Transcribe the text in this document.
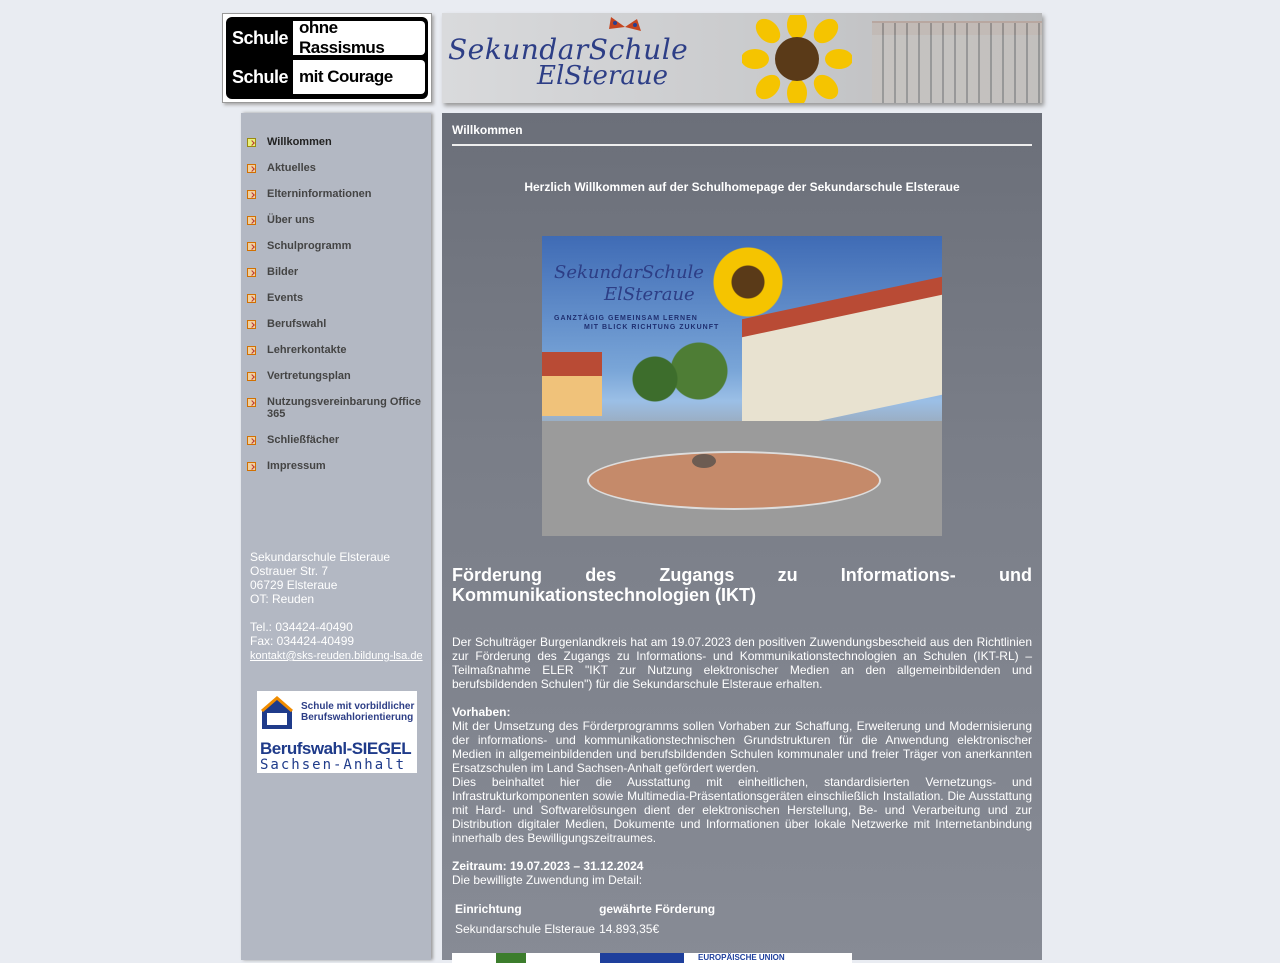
Schule ohne Rassismus
Schule mit Courage
SekundarSchule
ElSteraue
Willkommen
Aktuelles
Elterninformationen
Über uns
Schulprogramm
Bilder
Events
Berufswahl
Lehrerkontakte
Vertretungsplan
Nutzungsvereinbarung Office 365
Schließfächer
Impressum
Sekundarschule Elsteraue
Ostrauer Str. 7
06729 Elsteraue
OT: Reuden
Tel.: 034424-40490
Fax: 034424-40499
kontakt@sks-reuden.bildung-lsa.de
Schule mit vorbildlicher
Berufswahlorientierung
Berufswahl-SIEGEL
Sachsen-Anhalt
Willkommen
Herzlich Willkommen auf der Schulhomepage der Sekundarschule Elsteraue
SekundarSchule
ElSteraue
GANZTÄGIG GEMEINSAM LERNEN
MIT BLICK RICHTUNG ZUKUNFT
Förderung des Zugangs zu Informations- und
Kommunikationstechnologien (IKT)
Der Schulträger Burgenlandkreis hat am 19.07.2023 den positiven Zuwendungsbescheid aus den Richtlinien zur Förderung des Zugangs zu Informations- und Kommunikationstechnologien an Schulen (IKT-RL) – Teilmaßnahme ELER "IKT zur Nutzung elektronischer Medien an den allgemeinbildenden und berufsbildenden Schulen") für die Sekundarschule Elsteraue erhalten.
Vorhaben:
Mit der Umsetzung des Förderprogramms sollen Vorhaben zur Schaffung, Erweiterung und Modernisierung der informations- und kommunikationstechnischen Grundstrukturen für die Anwendung elektronischer Medien in allgemeinbildenden und berufsbildenden Schulen kommunaler und freier Träger von anerkannten Ersatzschulen im Land Sachsen-Anhalt gefördert werden.
Dies beinhaltet hier die Ausstattung mit einheitlichen, standardisierten Vernetzungs- und Infrastrukturkomponenten sowie Multimedia-Präsentationsgeräten einschließlich Installation. Die Ausstattung mit Hard- und Softwarelösungen dient der elektronischen Herstellung, Be- und Verarbeitung und zur Distribution digitaler Medien, Dokumente und Informationen über lokale Netzwerke mit Internetanbindung innerhalb des Bewilligungszeitraumes.
Zeitraum: 19.07.2023 – 31.12.2024
Die bewilligte Zuwendung im Detail:
Einrichtung	gewährte Förderung
Sekundarschule Elsteraue	14.893,35€
EUROPÄISCHE UNION
